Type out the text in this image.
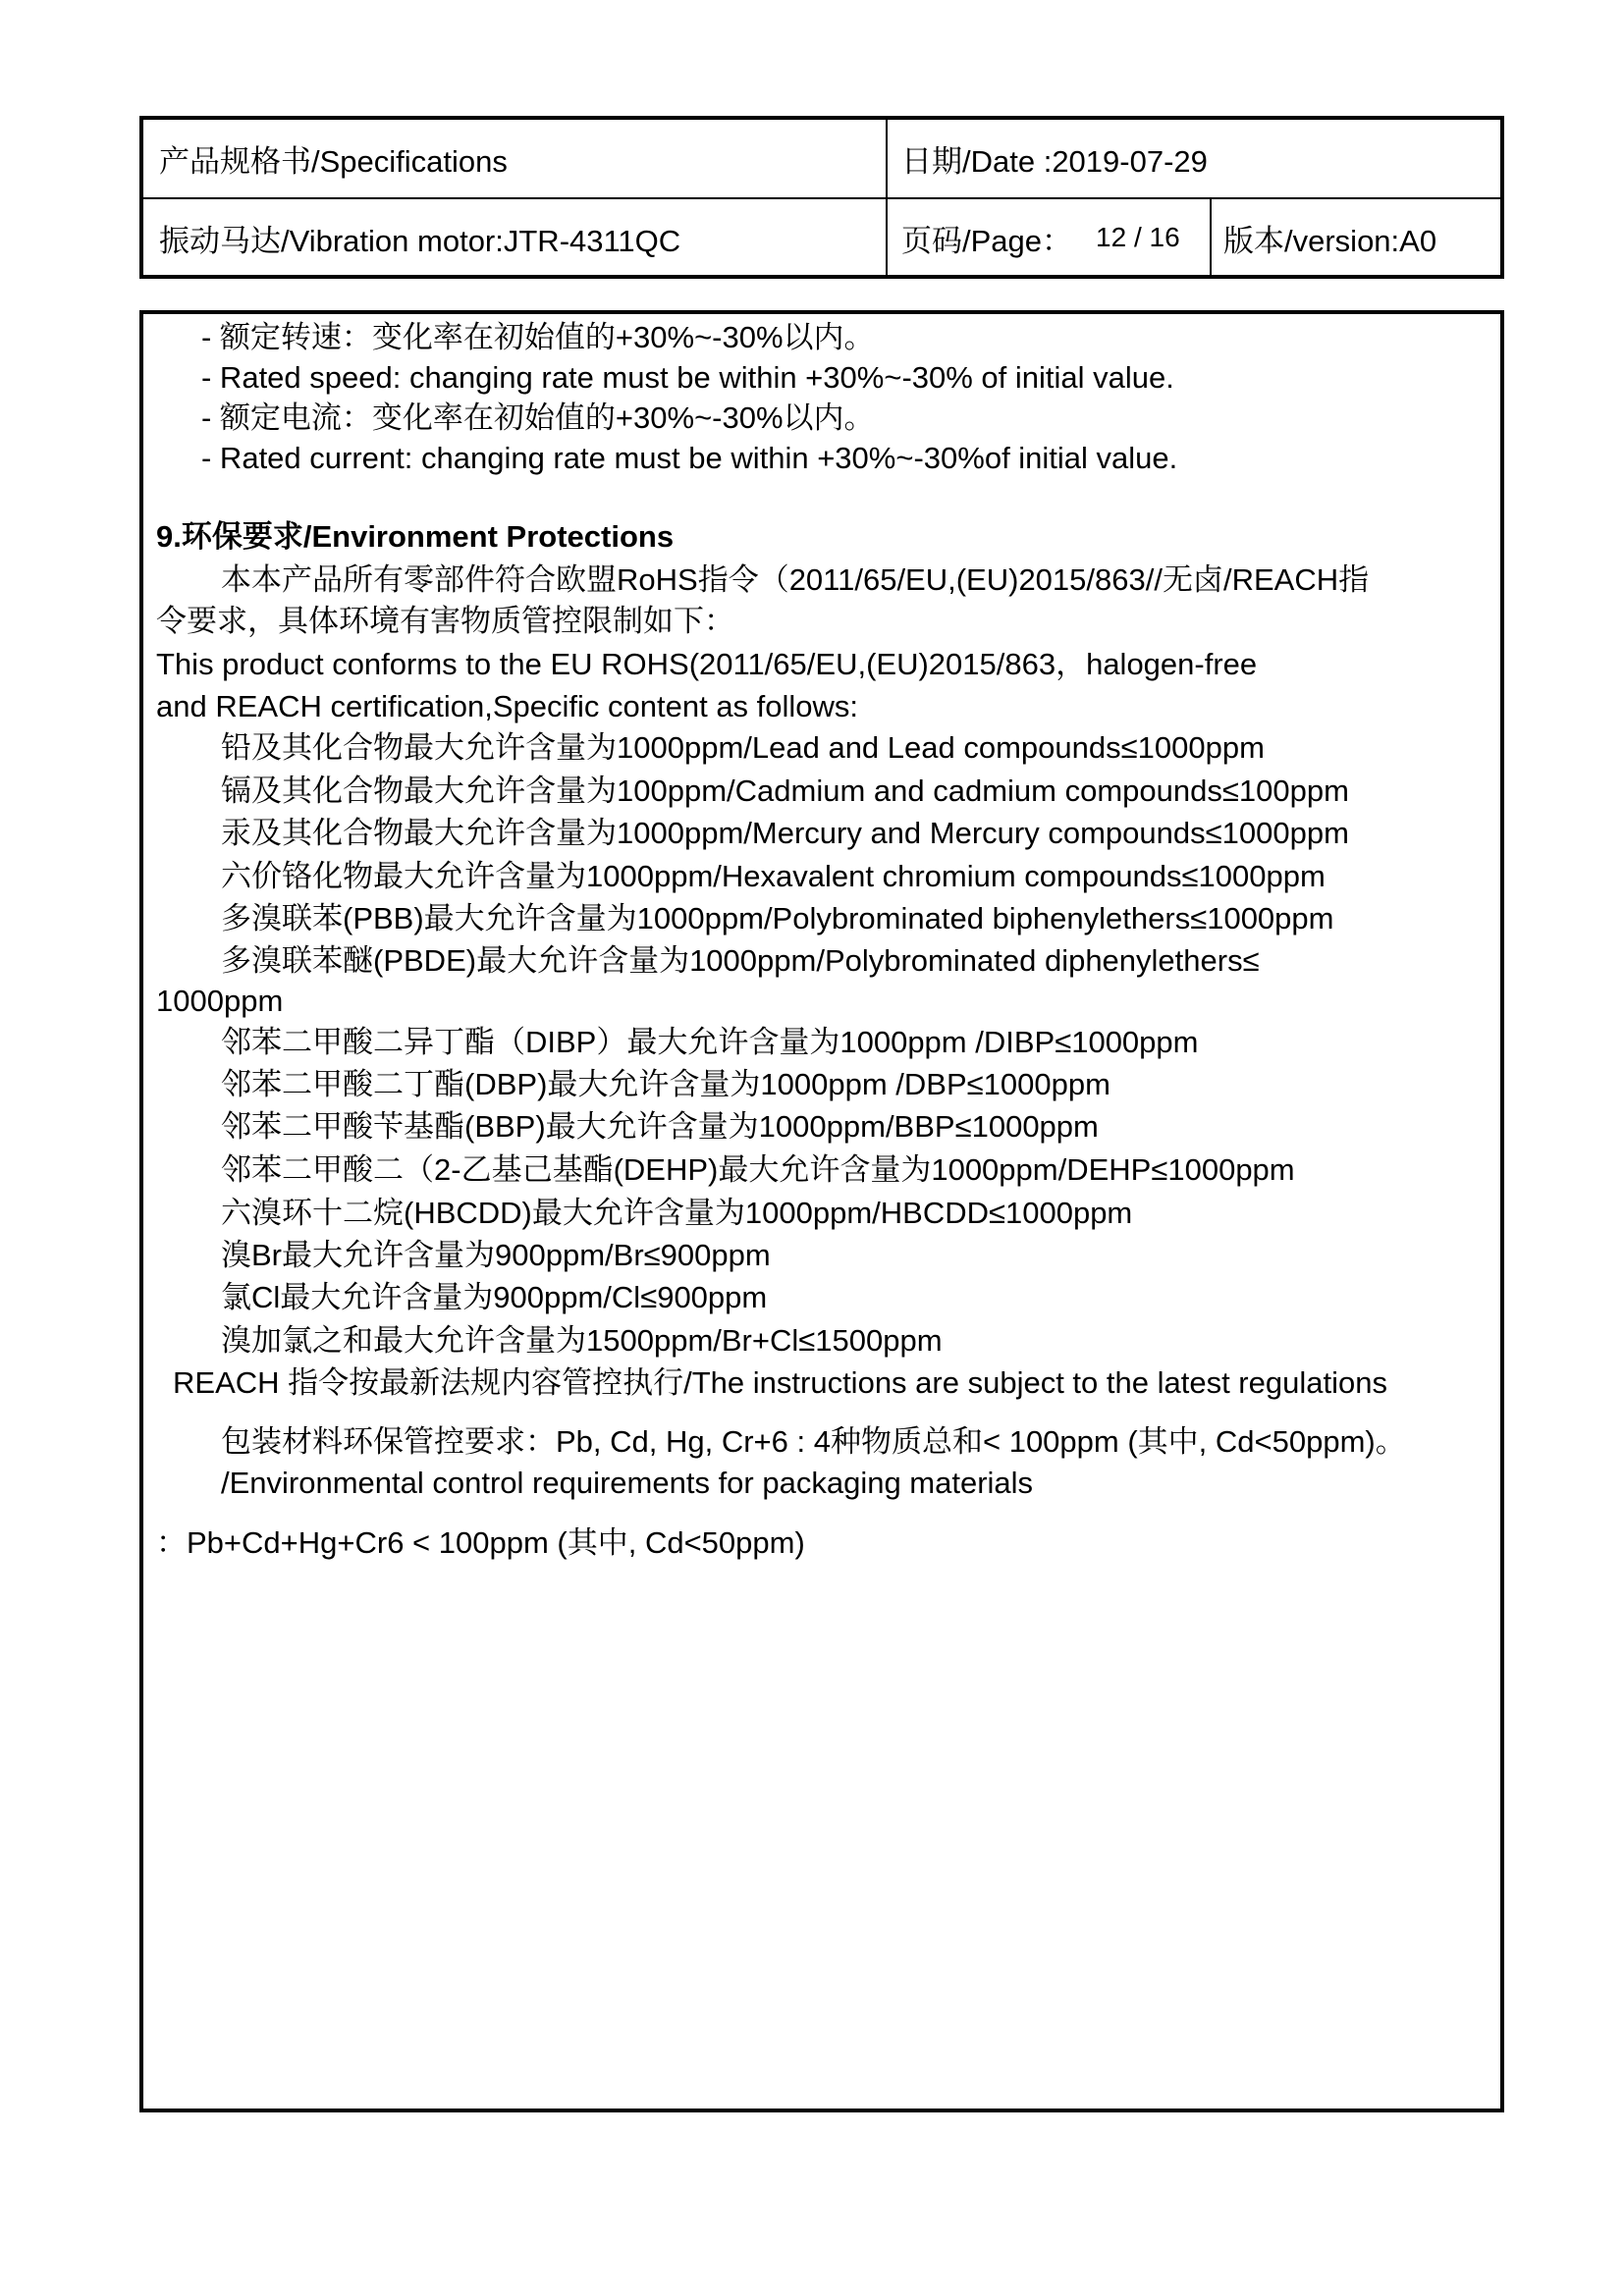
产品规格书/Specifications	日期/Date :2019-07-29
振动马达/Vibration motor:JTR-4311QC	页码/Page： 12 / 16 版本/version:A0
- 额定转速：变化率在初始值的+30%~-30%以内。
- Rated speed: changing rate must be within +30%~-30% of initial value.
- 额定电流：变化率在初始值的+30%~-30%以内。
- Rated current: changing rate must be within +30%~-30%of initial value.
9.环保要求/Environment Protections
本本产品所有零部件符合欧盟RoHS指令（2011/65/EU,(EU)2015/863//无卤/REACH指
令要求，具体环境有害物质管控限制如下：
This product conforms to the EU ROHS(2011/65/EU,(EU)2015/863，halogen-free
and REACH certification,Specific content as follows:
铅及其化合物最大允许含量为1000ppm/Lead and Lead compounds≤1000ppm
镉及其化合物最大允许含量为100ppm/Cadmium and cadmium compounds≤100ppm
汞及其化合物最大允许含量为1000ppm/Mercury and Mercury compounds≤1000ppm
六价铬化物最大允许含量为1000ppm/Hexavalent chromium compounds≤1000ppm
多溴联苯(PBB)最大允许含量为1000ppm/Polybrominated biphenylethers≤1000ppm
多溴联苯醚(PBDE)最大允许含量为1000ppm/Polybrominated diphenylethers≤
1000ppm
邻苯二甲酸二异丁酯（DIBP）最大允许含量为1000ppm /DIBP≤1000ppm
邻苯二甲酸二丁酯(DBP)最大允许含量为1000ppm /DBP≤1000ppm
邻苯二甲酸苄基酯(BBP)最大允许含量为1000ppm/BBP≤1000ppm
邻苯二甲酸二（2-乙基己基酯(DEHP)最大允许含量为1000ppm/DEHP≤1000ppm
六溴环十二烷(HBCDD)最大允许含量为1000ppm/HBCDD≤1000ppm
溴Br最大允许含量为900ppm/Br≤900ppm
氯Cl最大允许含量为900ppm/Cl≤900ppm
溴加氯之和最大允许含量为1500ppm/Br+Cl≤1500ppm
REACH 指令按最新法规内容管控执行/The instructions are subject to the latest regulations
包装材料环保管控要求：Pb, Cd, Hg, Cr+6 : 4种物质总和< 100ppm (其中, Cd<50ppm)。
/Environmental control requirements for packaging materials
：Pb+Cd+Hg+Cr6 < 100ppm (其中, Cd<50ppm)
